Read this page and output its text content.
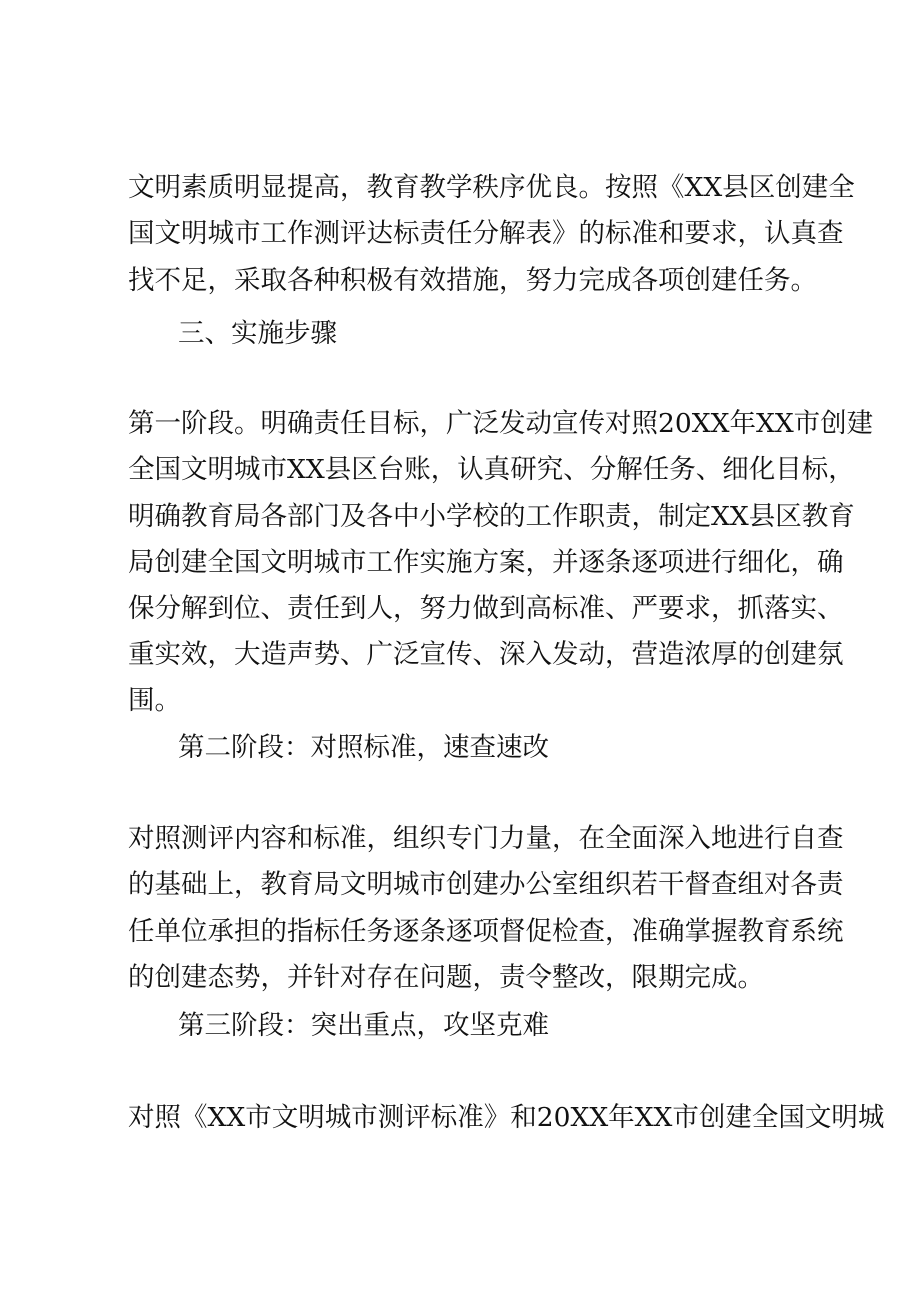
文明素质明显提高，教育教学秩序优良。按照《XX县区创建全
国文明城市工作测评达标责任分解表》的标准和要求，认真查
找不足，采取各种积极有效措施，努力完成各项创建任务。
三、实施步骤
第一阶段。明确责任目标，广泛发动宣传对照20XX年XX市创建
全国文明城市XX县区台账，认真研究、分解任务、细化目标，
明确教育局各部门及各中小学校的工作职责，制定XX县区教育
局创建全国文明城市工作实施方案，并逐条逐项进行细化，确
保分解到位、责任到人，努力做到高标准、严要求，抓落实、
重实效，大造声势、广泛宣传、深入发动，营造浓厚的创建氛
围。
第二阶段：对照标准，速查速改
对照测评内容和标准，组织专门力量，在全面深入地进行自查
的基础上，教育局文明城市创建办公室组织若干督查组对各责
任单位承担的指标任务逐条逐项督促检查，准确掌握教育系统
的创建态势，并针对存在问题，责令整改，限期完成。
第三阶段：突出重点，攻坚克难
对照《XX市文明城市测评标准》和20XX年XX市创建全国文明城
